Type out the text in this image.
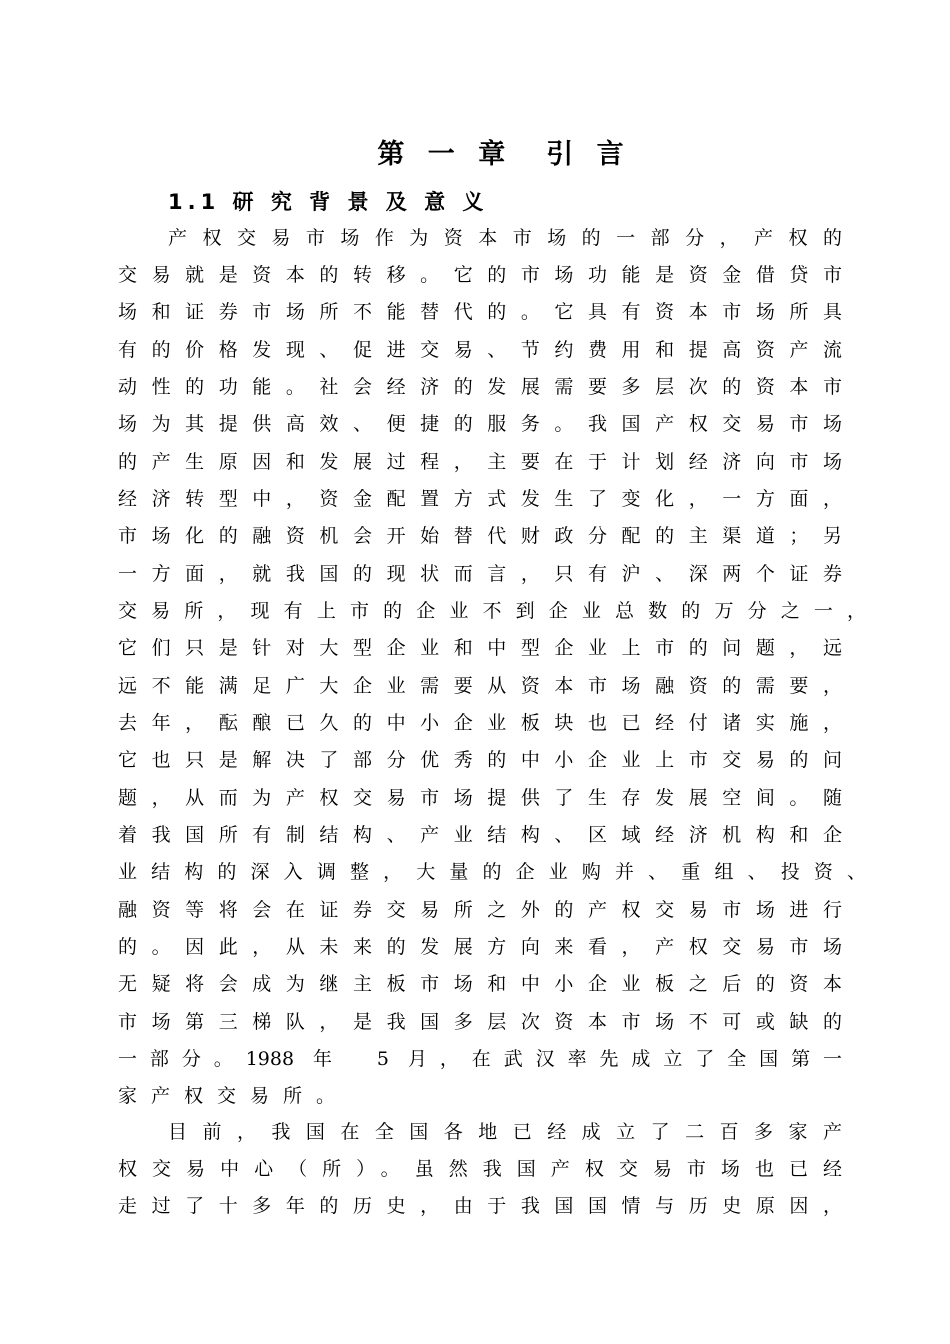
第 一 章　引 言
1.1 研 究 背 景 及 意 义
产权交易市场作为资本市场的一部分，产权的
交易就是资本的转移。它的市场功能是资金借贷市
场和证券市场所不能替代的。它具有资本市场所具
有的价格发现、促进交易、节约费用和提高资产流
动性的功能。社会经济的发展需要多层次的资本市
场为其提供高效、便捷的服务。我国产权交易市场
的产生原因和发展过程，主要在于计划经济向市场
经济转型中，资金配置方式发生了变化，一方面，
市场化的融资机会开始替代财政分配的主渠道；另
一方面，就我国的现状而言，只有沪、深两个证券
交易所，现有上市的企业不到企业总数的万分之一，
它们只是针对大型企业和中型企业上市的问题，远
远不能满足广大企业需要从资本市场融资的需要，
去年，酝酿已久的中小企业板块也已经付诸实施，
它也只是解决了部分优秀的中小企业上市交易的问
题，从而为产权交易市场提供了生存发展空间。随
着我国所有制结构、产业结构、区域经济机构和企
业结构的深入调整，大量的企业购并、重组、投资、
融资等将会在证券交易所之外的产权交易市场进行
的。因此，从未来的发展方向来看，产权交易市场
无疑将会成为继主板市场和中小企业板之后的资本
市场第三梯队，是我国多层次资本市场不可或缺的
一部分。1988 年　5 月，在武汉率先成立了全国第一
家产权交易所。
目前，我国在全国各地已经成立了二百多家产
权交易中心（所）。虽然我国产权交易市场也已经
走过了十多年的历史，由于我国国情与历史原因，
